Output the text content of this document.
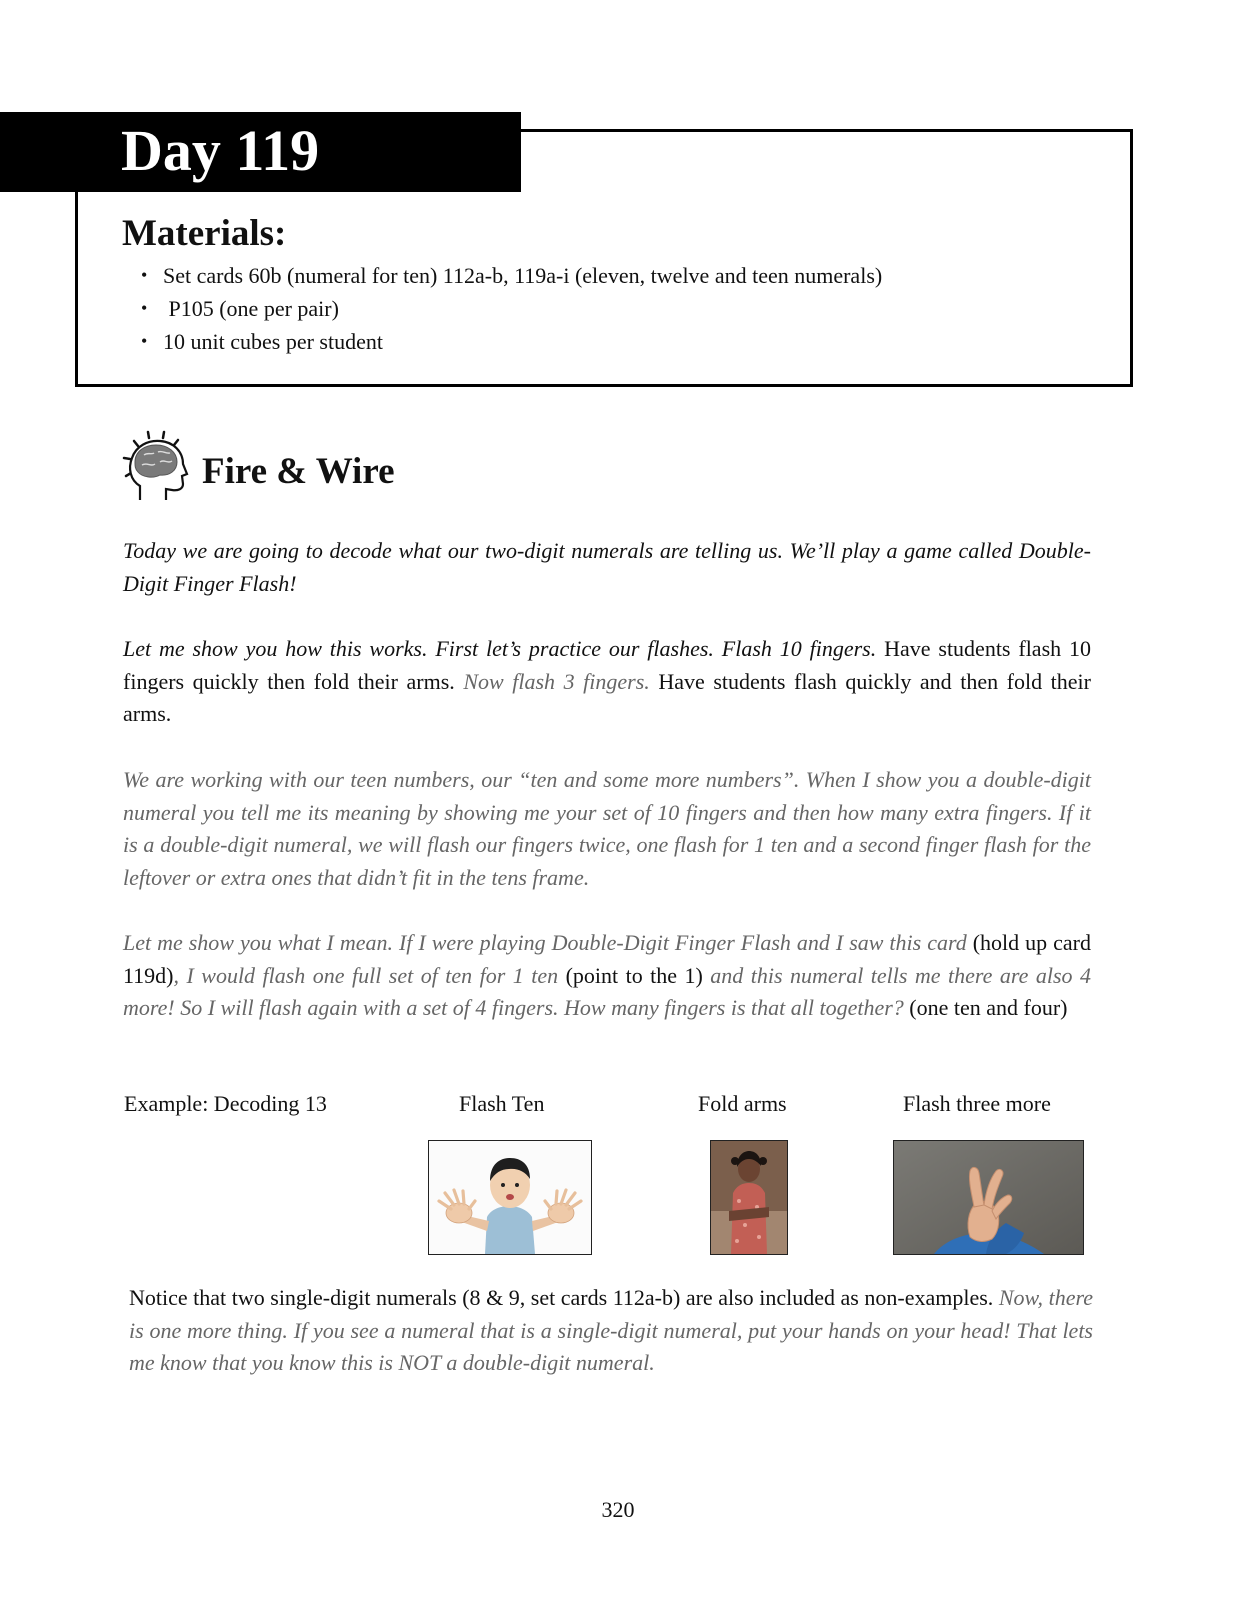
Day 119
Materials:
• Set cards 60b (numeral for ten) 112a-b, 119a-i (eleven, twelve and teen numerals)
•  P105 (one per pair)
• 10 unit cubes per student
Fire & Wire

Today we are going to decode what our two-digit numerals are telling us. We’ll play a game called Double-Digit Finger Flash!

Let me show you how this works. First let’s practice our flashes. Flash 10 fingers. Have students flash 10 fingers quickly then fold their arms. Now flash 3 fingers. Have students flash quickly and then fold their arms.

We are working with our teen numbers, our “ten and some more numbers”. When I show you a double-digit numeral you tell me its meaning by showing me your set of 10 fingers and then how many extra fingers. If it is a double-digit numeral, we will flash our fingers twice, one flash for 1 ten and a second finger flash for the leftover or extra ones that didn’t fit in the tens frame.

Let me show you what I mean. If I were playing Double-Digit Finger Flash and I saw this card (hold up card 119d), I would flash one full set of ten for 1 ten (point to the 1) and this numeral tells me there are also 4 more! So I will flash again with a set of 4 fingers. How many fingers is that all together? (one ten and four)

Example: Decoding 13	Flash Ten	Fold arms	Flash three more

Notice that two single-digit numerals (8 & 9, set cards 112a-b) are also included as non-examples. Now, there is one more thing. If you see a numeral that is a single-digit numeral, put your hands on your head! That lets me know that you know this is NOT a double-digit numeral.

320
